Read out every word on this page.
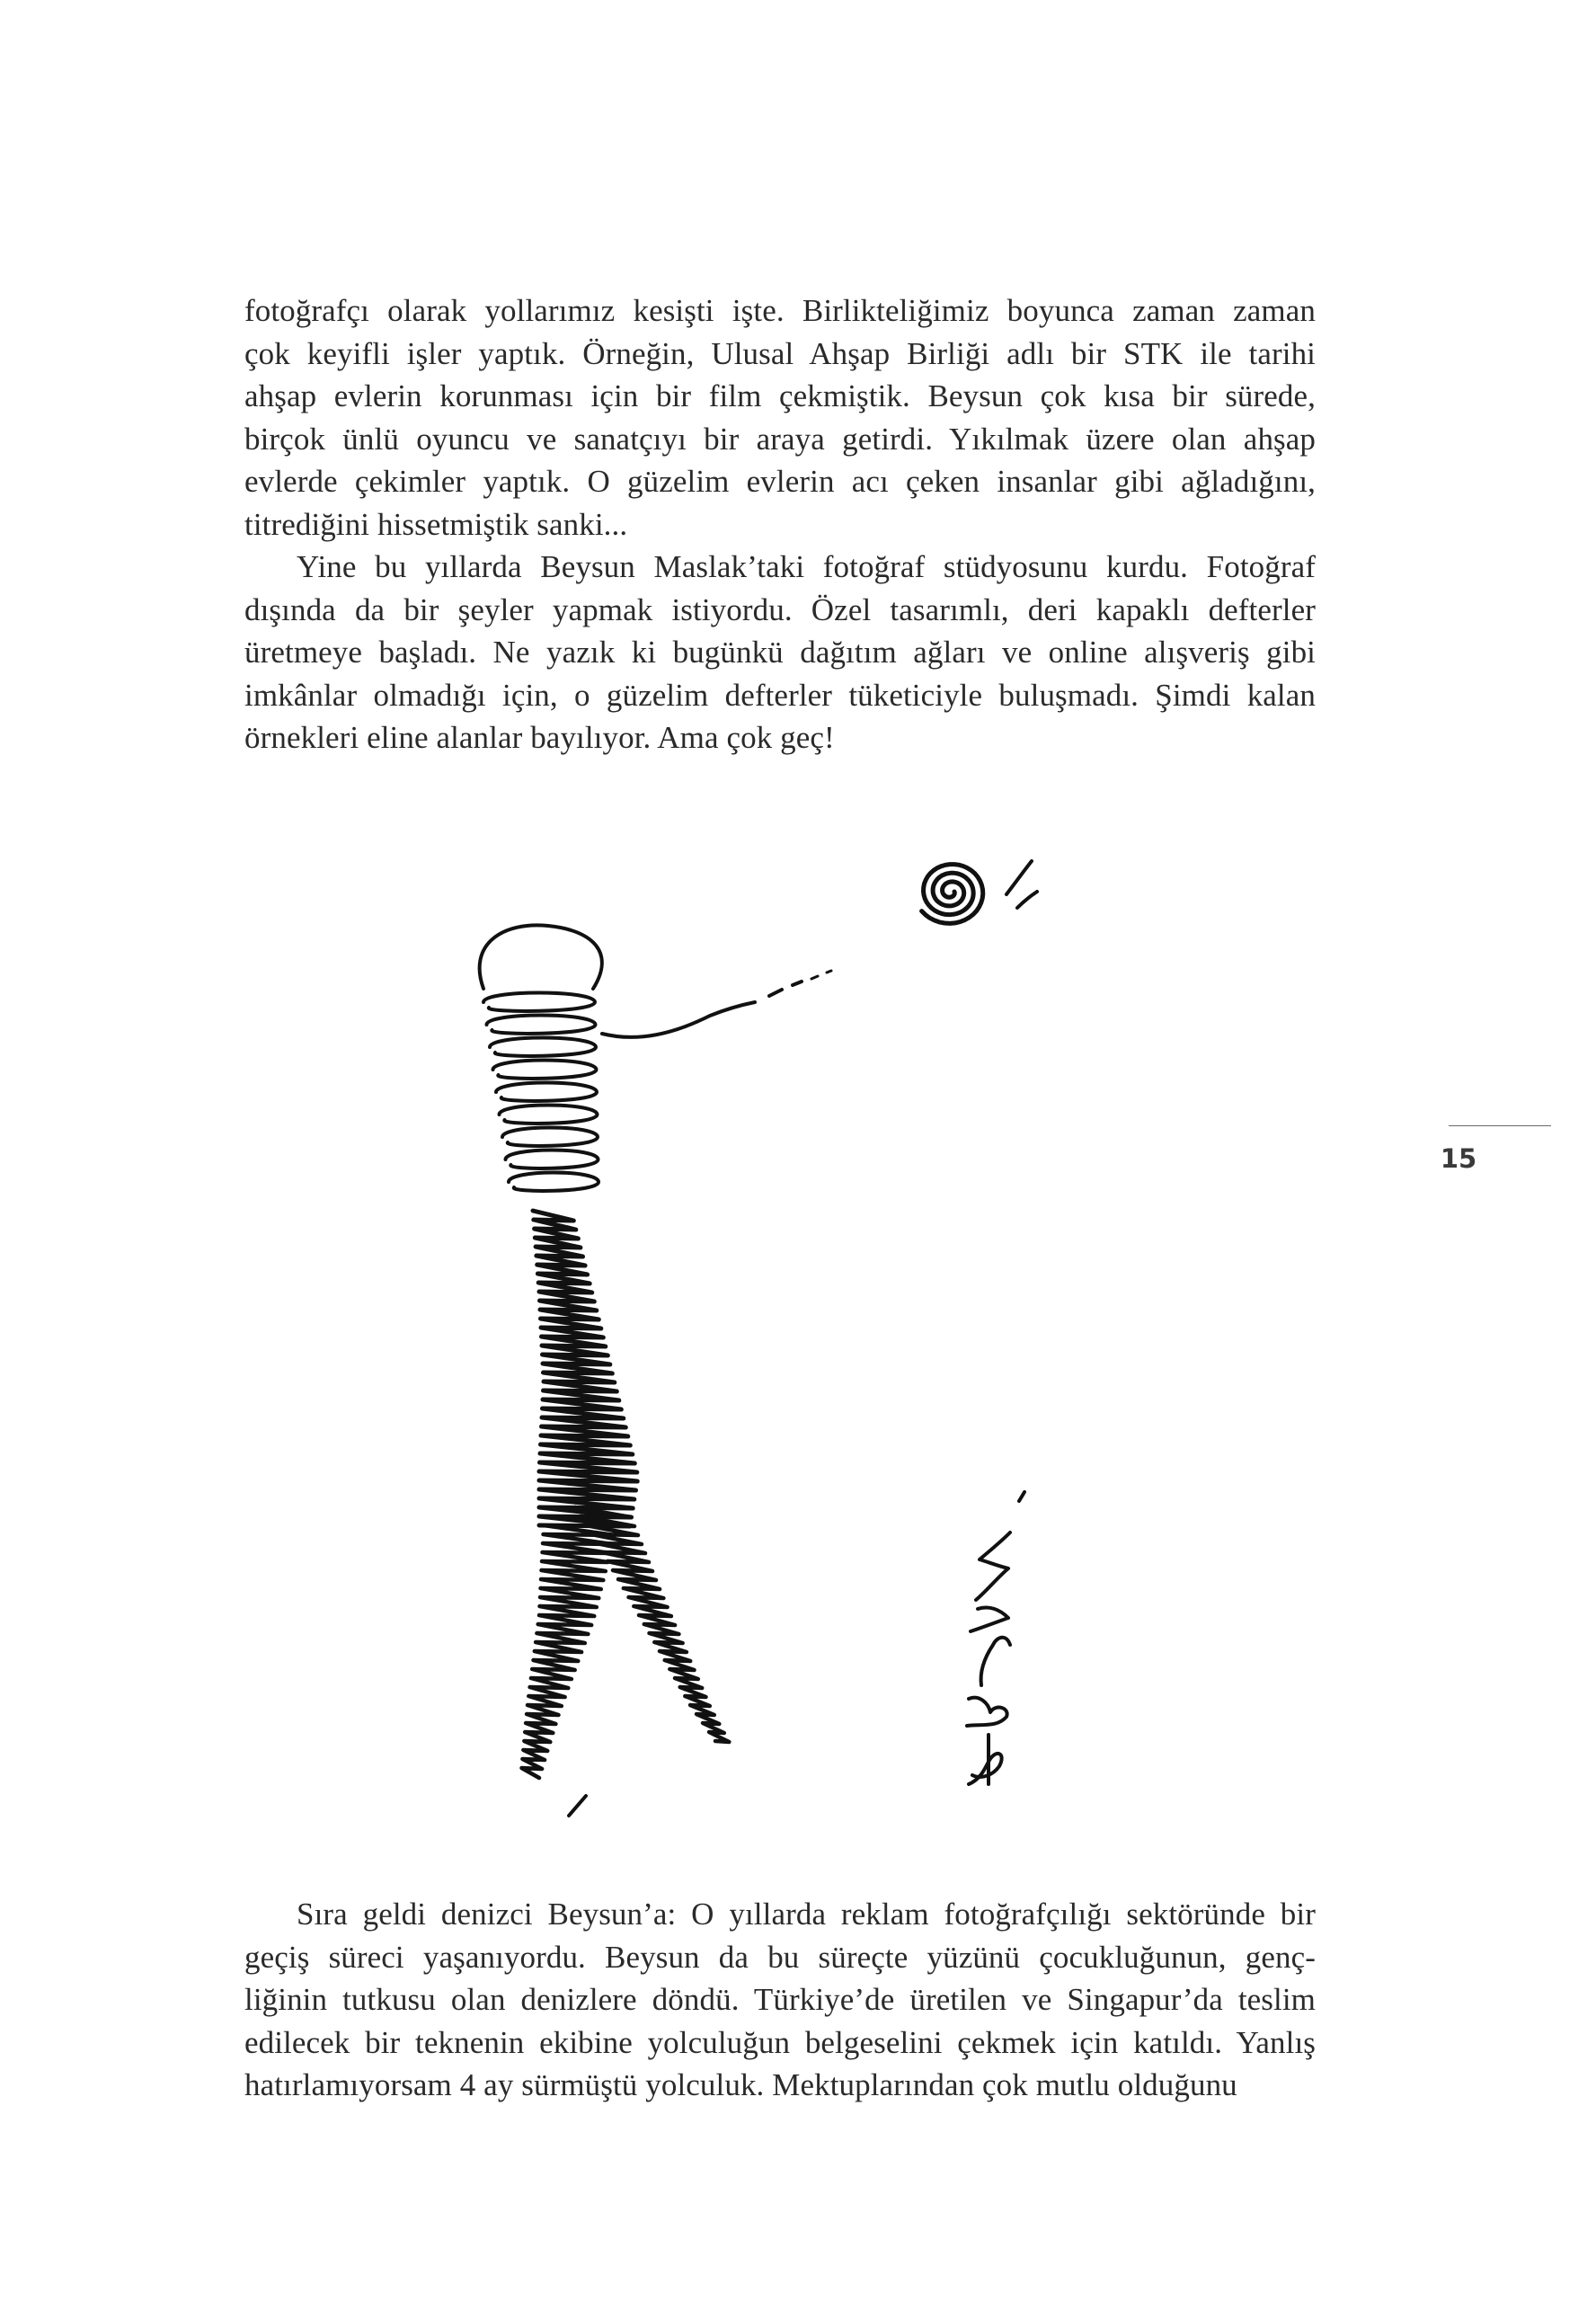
fotoğrafçı olarak yollarımız kesişti işte. Birlikteliğimiz boyunca zaman zaman
çok keyifli işler yaptık. Örneğin, Ulusal Ahşap Birliği adlı bir STK ile tarihi
ahşap evlerin korunması için bir film çekmiştik. Beysun çok kısa bir sürede,
birçok ünlü oyuncu ve sanatçıyı bir araya getirdi. Yıkılmak üzere olan ahşap
evlerde çekimler yaptık. O güzelim evlerin acı çeken insanlar gibi ağladığını,
titrediğini hissetmiştik sanki...
Yine bu yıllarda Beysun Maslak’taki fotoğraf stüdyosunu kurdu. Fotoğraf
dışında da bir şeyler yapmak istiyordu. Özel tasarımlı, deri kapaklı defterler
üretmeye başladı. Ne yazık ki bugünkü dağıtım ağları ve online alışveriş gibi
imkânlar olmadığı için, o güzelim defterler tüketiciyle buluşmadı. Şimdi kalan
örnekleri eline alanlar bayılıyor. Ama çok geç!
15
Sıra geldi denizci Beysun’a: O yıllarda reklam fotoğrafçılığı sektöründe bir
geçiş süreci yaşanıyordu. Beysun da bu süreçte yüzünü çocukluğunun, genç-
liğinin tutkusu olan denizlere döndü. Türkiye’de üretilen ve Singapur’da teslim
edilecek bir teknenin ekibine yolculuğun belgeselini çekmek için katıldı. Yanlış
hatırlamıyorsam 4 ay sürmüştü yolculuk. Mektuplarından çok mutlu olduğunu
